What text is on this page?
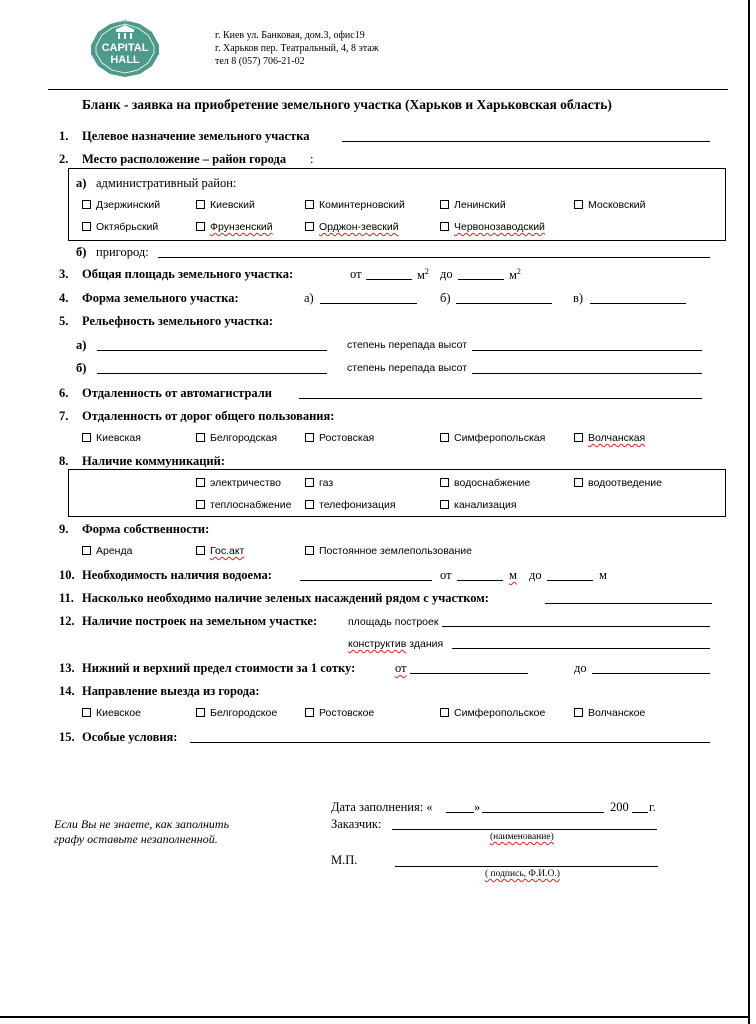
CAPITAL
HALL
REAL ESTATE
г. Киев ул. Банковая, дом.3, офис19
г. Харьков пер. Театральный, 4, 8 этаж
тел 8 (057) 706-21-02
Бланк - заявка на приобретение земельного участка (Харьков и Харьковская область)
1. Целевое назначение земельного участка
2. Место расположение – район города :
а) административный район:
Дзержинский	Киевский	Коминтерновский	Ленинский	Московский
Октябрьский	Фрунзенский	Орджон-зевский	Червонозаводский
б) пригород:
3. Общая площадь земельного участка:	от	$м^2$ до	$м^2$
4. Форма земельного участка:	а)	б)	в)
5. Рельефность земельного участка:
а)	степень перепада высот
б)	степень перепада высот
6. Отдаленность от автомагистрали
7. Отдаленность от дорог общего пользования:
Киевская	Белгородская	Ростовская	Симферопольская	Волчанская
8. Наличие коммуникаций:
электричество	газ	водоснабжение	водоотведение
теплоснабжение	телефонизация	канализация
9. Форма собственности:
Аренда	Гос.акт	Постоянное землепользование
10. Необходимость наличия водоема:	от	м до	м
11. Насколько необходимо наличие зеленых насаждений рядом с участком:
12. Наличие построек на земельном участке:	площадь построек
конструктив здания
13. Нижний и верхний предел стоимости за 1 сотку:	от	до
14. Направление выезда из города:
Киевское	Белгородское	Ростовское	Симферопольское	Волчанское
15. Особые условия:
Если Вы не знаете, как заполнить
графу оставьте незаполненной.
Дата заполнения: «	»	200 г.
Заказчик:
(наименование)
М.П.
( подпись, Ф.И.О.)
